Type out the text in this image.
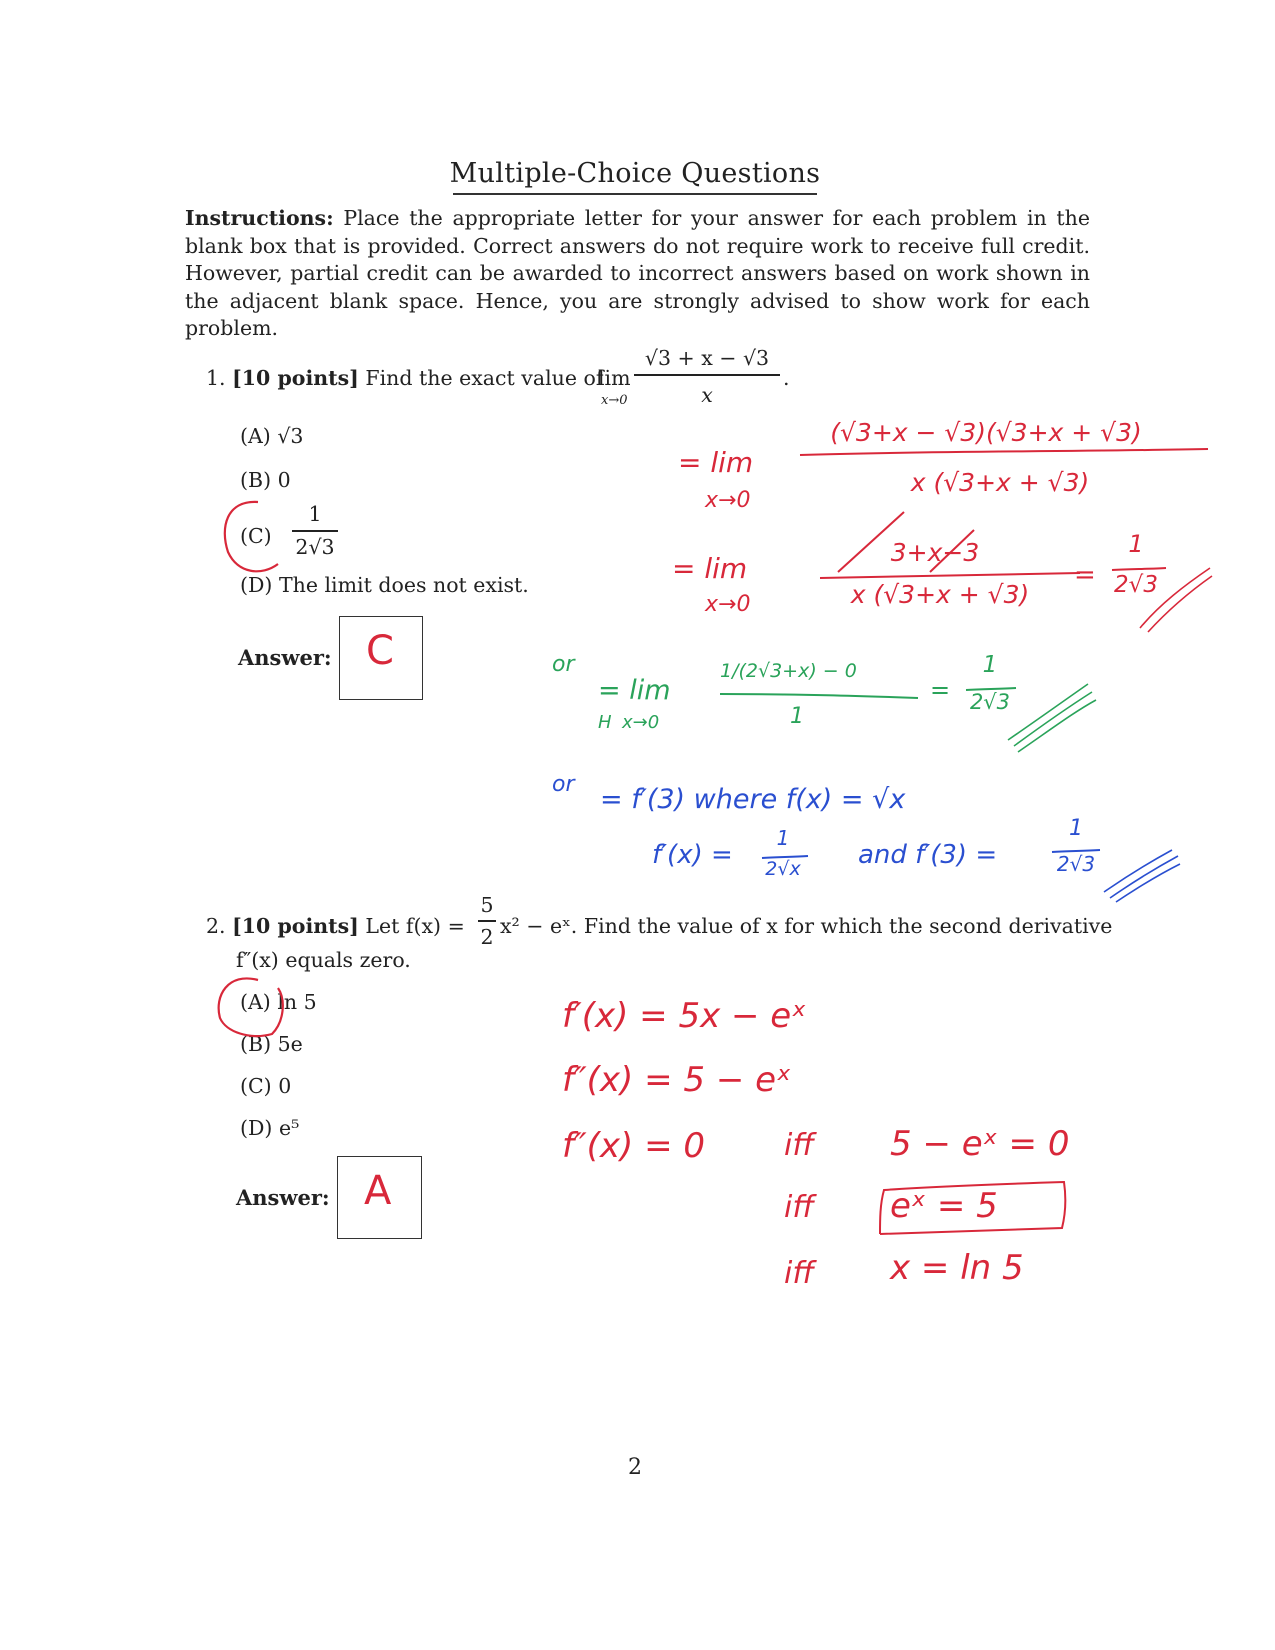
Multiple-Choice Questions
Instructions: Place the appropriate letter for your answer for each problem in the blank box that is provided. Correct answers do not require work to receive full credit. However, partial credit can be awarded to incorrect answers based on work shown in the adjacent blank space. Hence, you are strongly advised to show work for each problem.
1. [10 points] Find the exact value of
lim
x→0
√3 + x − √3
x
.
(A) √3
(B) 0
(C)
1
2√3
(D) The limit does not exist.
Answer: C
= lim
x→0
(√3+x − √3)(√3+x + √3)
x (√3+x + √3)
= lim
x→0
3+x−3
x (√3+x + √3)
=
1
2√3
or
= lim
H x→0
1/(2√3+x) − 0
1
=
1
2√3
or = f′(3) where f(x) = √x
f′(x) =
1
2√x	and f′(3) =
1
2√3
2. [10 points] Let f(x) =
5
2 x² − eˣ. Find the value of x for which the second derivative
f″(x) equals zero.
(A) ln 5
(B) 5e
(C) 0
(D) e⁵
Answer: A
f′(x) = 5x − eˣ
f″(x) = 5 − eˣ
f″(x) = 0	iff
iff
iff
5 − eˣ = 0
eˣ = 5
x = ln 5
2
